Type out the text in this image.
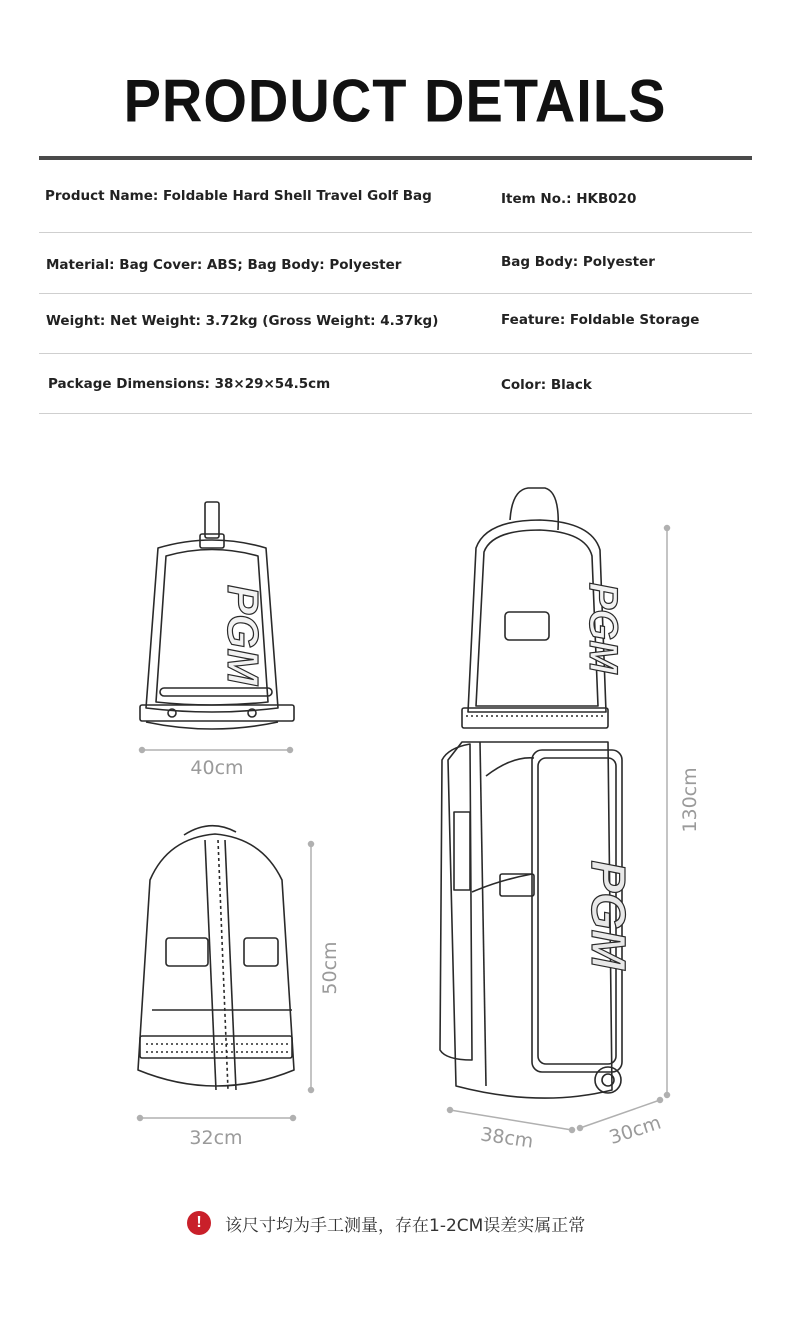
PRODUCT DETAILS
Product Name: Foldable Hard Shell Travel Golf Bag	Item No.: HKB020
Material: Bag Cover: ABS; Bag Body: Polyester	Bag Body: Polyester
Weight: Net Weight: 3.72kg (Gross Weight: 4.37kg)	Feature: Foldable Storage
Package Dimensions: 38×29×54.5cm	Color: Black
PGM	PGM
PGM
40cm
32cm
50cm
130cm
38cm	30cm
!	该尺寸均为手工测量，存在1-2CM误差实属正常
